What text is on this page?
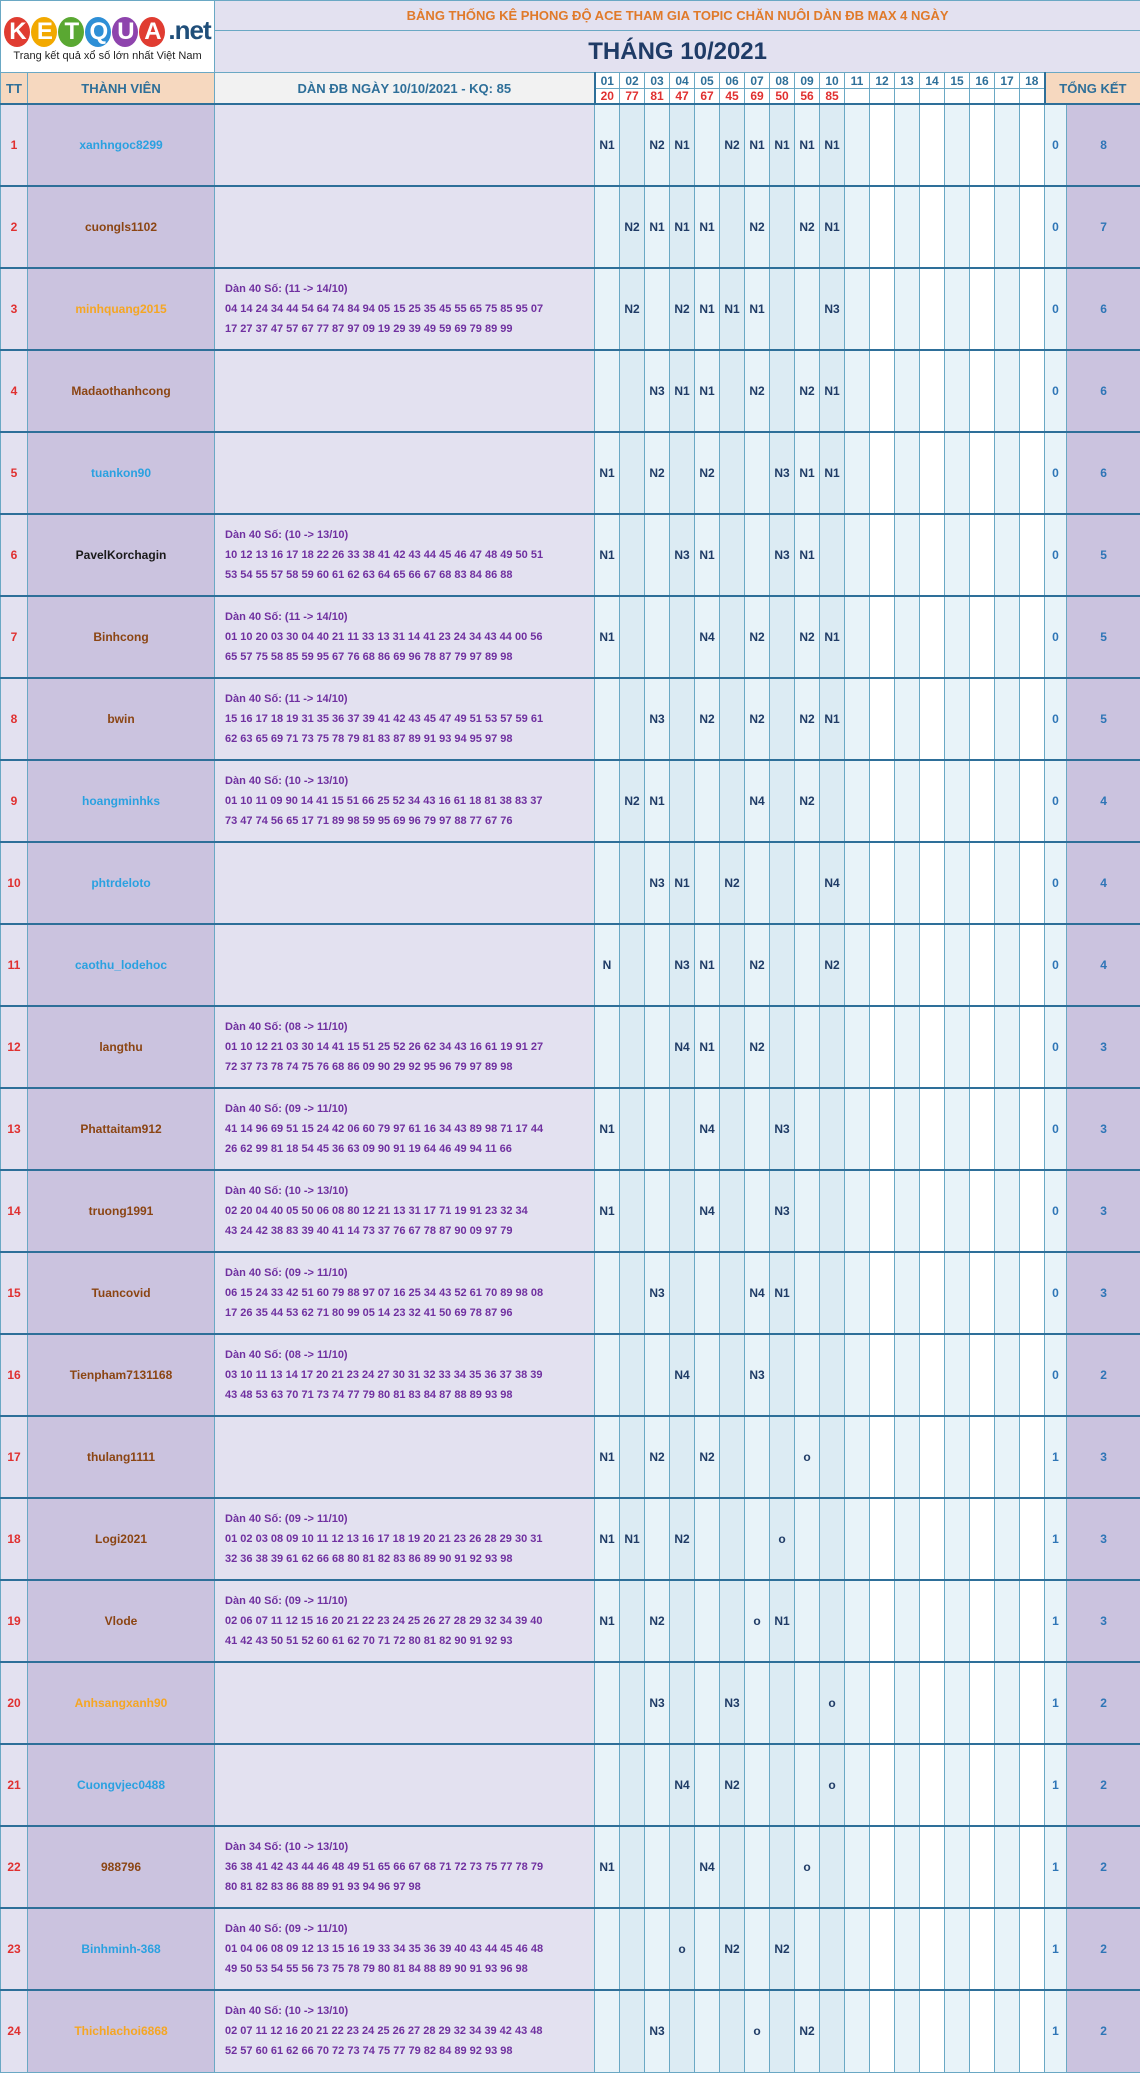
K E T Q U A .net
Trang kết quả xổ số lớn nhất Việt Nam		BẢNG THỐNG KÊ PHONG ĐỘ ACE THAM GIA TOPIC CHĂN NUÔI DÀN ĐB MAX 4 NGÀY																				
		THÁNG 10/2021																				
TT	THÀNH VIÊN	DÀN ĐB NGÀY 10/10/2021 - KQ: 85	01	02	03	04	05	06	07	08	09	10	11	12	13	14	15	16	17	18	TỔNG KẾT	
			20	77	81	47	67	45	69	50	56	85										
1	xanhngoc8299		N1		N2	N1		N2	N1	N1	N1	N1									0	8
2	cuongls1102			N2	N1	N1	N1		N2		N2	N1									0	7
3	minhquang2015	Dàn 40 Số: (11 -> 14/10)
04 14 24 34 44 54 64 74 84 94 05 15 25 35 45 55 65 75 85 95 07
17 27 37 47 57 67 77 87 97 09 19 29 39 49 59 69 79 89 99		N2		N2	N1	N1	N1			N3									0	6
4	Madaothanhcong				N3	N1	N1		N2		N2	N1									0	6
5	tuankon90		N1		N2		N2			N3	N1	N1									0	6
6	PavelKorchagin	Dàn 40 Số: (10 -> 13/10)
10 12 13 16 17 18 22 26 33 38 41 42 43 44 45 46 47 48 49 50 51
53 54 55 57 58 59 60 61 62 63 64 65 66 67 68 83 84 86 88	N1			N3	N1			N3	N1										0	5
7	Binhcong	Dàn 40 Số: (11 -> 14/10)
01 10 20 03 30 04 40 21 11 33 13 31 14 41 23 24 34 43 44 00 56
65 57 75 58 85 59 95 67 76 68 86 69 96 78 87 79 97 89 98	N1				N4		N2		N2	N1									0	5
8	bwin	Dàn 40 Số: (11 -> 14/10)
15 16 17 18 19 31 35 36 37 39 41 42 43 45 47 49 51 53 57 59 61
62 63 65 69 71 73 75 78 79 81 83 87 89 91 93 94 95 97 98			N3		N2		N2		N2	N1									0	5
9	hoangminhks	Dàn 40 Số: (10 -> 13/10)
01 10 11 09 90 14 41 15 51 66 25 52 34 43 16 61 18 81 38 83 37
73 47 74 56 65 17 71 89 98 59 95 69 96 79 97 88 77 67 76		N2	N1				N4		N2										0	4
10	phtrdeloto				N3	N1		N2				N4									0	4
11	caothu_lodehoc		N			N3	N1		N2			N2									0	4
12	langthu	Dàn 40 Số: (08 -> 11/10)
01 10 12 21 03 30 14 41 15 51 25 52 26 62 34 43 16 61 19 91 27
72 37 73 78 74 75 76 68 86 09 90 29 92 95 96 79 97 89 98				N4	N1		N2												0	3
13	Phattaitam912	Dàn 40 Số: (09 -> 11/10)
41 14 96 69 51 15 24 42 06 60 79 97 61 16 34 43 89 98 71 17 44
26 62 99 81 18 54 45 36 63 09 90 91 19 64 46 49 94 11 66	N1				N4			N3											0	3
14	truong1991	Dàn 40 Số: (10 -> 13/10)
02 20 04 40 05 50 06 08 80 12 21 13 31 17 71 19 91 23 32 34
43 24 42 38 83 39 40 41 14 73 37 76 67 78 87 90 09 97 79	N1				N4			N3											0	3
15	Tuancovid	Dàn 40 Số: (09 -> 11/10)
06 15 24 33 42 51 60 79 88 97 07 16 25 34 43 52 61 70 89 98 08
17 26 35 44 53 62 71 80 99 05 14 23 32 41 50 69 78 87 96			N3				N4	N1											0	3
16	Tienpham7131168	Dàn 40 Số: (08 -> 11/10)
03 10 11 13 14 17 20 21 23 24 27 30 31 32 33 34 35 36 37 38 39
43 48 53 63 70 71 73 74 77 79 80 81 83 84 87 88 89 93 98				N4			N3												0	2
17	thulang1111		N1		N2		N2				o										1	3
18	Logi2021	Dàn 40 Số: (09 -> 11/10)
01 02 03 08 09 10 11 12 13 16 17 18 19 20 21 23 26 28 29 30 31
32 36 38 39 61 62 66 68 80 81 82 83 86 89 90 91 92 93 98	N1	N1		N2				o											1	3
19	Vlode	Dàn 40 Số: (09 -> 11/10)
02 06 07 11 12 15 16 20 21 22 23 24 25 26 27 28 29 32 34 39 40
41 42 43 50 51 52 60 61 62 70 71 72 80 81 82 90 91 92 93	N1		N2				o	N1											1	3
20	Anhsangxanh90				N3			N3				o									1	2
21	Cuongvjec0488					N4		N2				o									1	2
22	988796	Dàn 34 Số: (10 -> 13/10)
36 38 41 42 43 44 46 48 49 51 65 66 67 68 71 72 73 75 77 78 79
80 81 82 83 86 88 89 91 93 94 96 97 98	N1				N4				o										1	2
23	Binhminh-368	Dàn 40 Số: (09 -> 11/10)
01 04 06 08 09 12 13 15 16 19 33 34 35 36 39 40 43 44 45 46 48
49 50 53 54 55 56 73 75 78 79 80 81 84 88 89 90 91 93 96 98				o		N2		N2											1	2
24	Thichlachoi6868	Dàn 40 Số: (10 -> 13/10)
02 07 11 12 16 20 21 22 23 24 25 26 27 28 29 32 34 39 42 43 48
52 57 60 61 62 66 70 72 73 74 75 77 79 82 84 89 92 93 98			N3				o		N2										1	2
